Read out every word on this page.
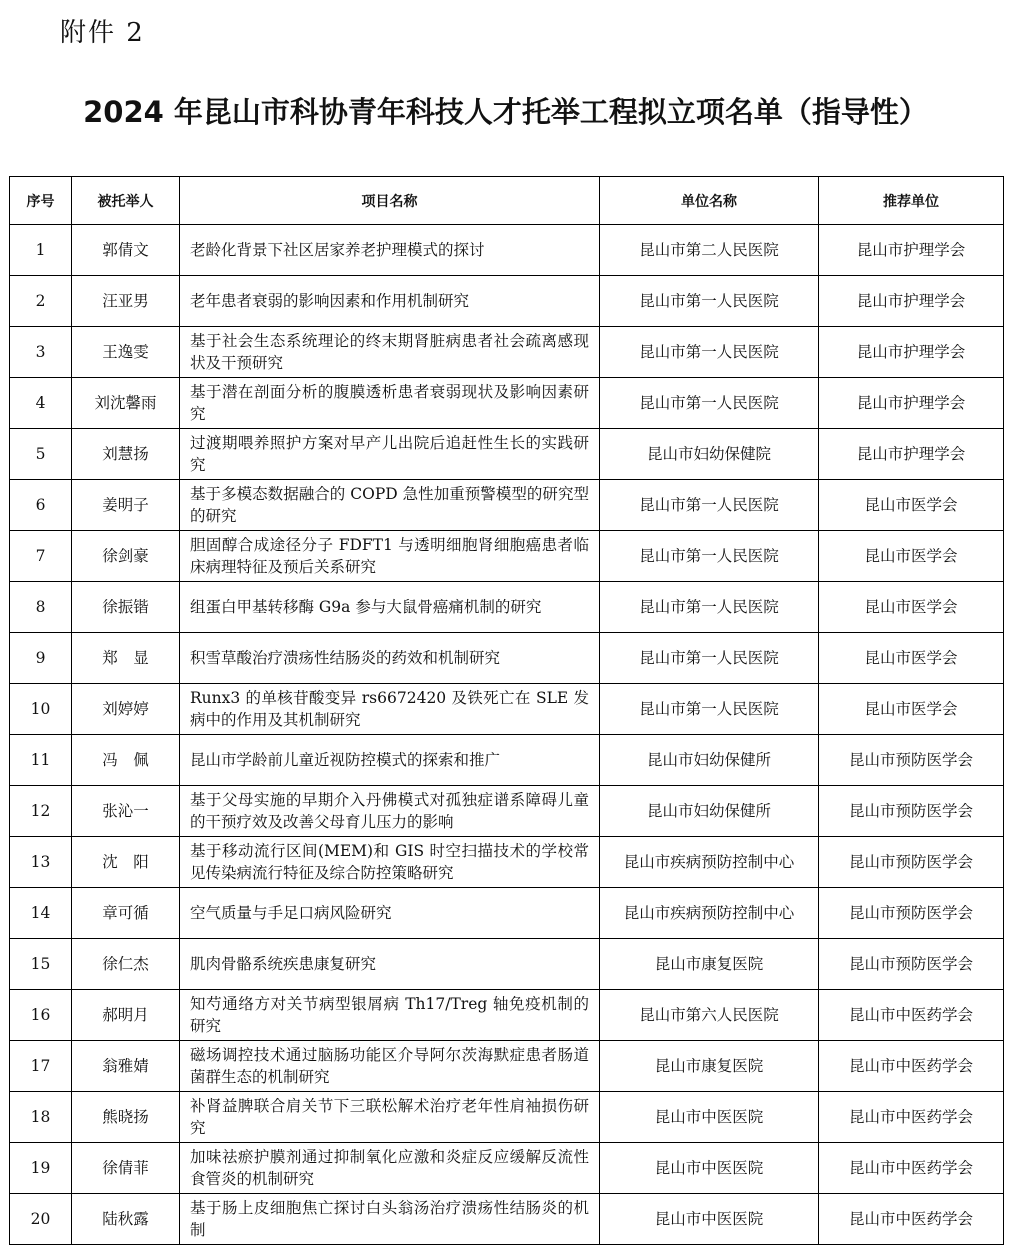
附件 2
2024 年昆山市科协青年科技人才托举工程拟立项名单（指导性）
序号	被托举人	项目名称	单位名称	推荐单位
1	郭倩文	老龄化背景下社区居家养老护理模式的探讨	昆山市第二人民医院	昆山市护理学会
2	汪亚男	老年患者衰弱的影响因素和作用机制研究	昆山市第一人民医院	昆山市护理学会
3	王逸雯	基于社会生态系统理论的终末期肾脏病患者社会疏离感现状及干预研究	昆山市第一人民医院	昆山市护理学会
4	刘沈馨雨	基于潜在剖面分析的腹膜透析患者衰弱现状及影响因素研究	昆山市第一人民医院	昆山市护理学会
5	刘慧扬	过渡期喂养照护方案对早产儿出院后追赶性生长的实践研究	昆山市妇幼保健院	昆山市护理学会
6	姜明子	基于多模态数据融合的 COPD 急性加重预警模型的研究型的研究	昆山市第一人民医院	昆山市医学会
7	徐剑豪	胆固醇合成途径分子 FDFT1 与透明细胞肾细胞癌患者临床病理特征及预后关系研究	昆山市第一人民医院	昆山市医学会
8	徐振锴	组蛋白甲基转移酶 G9a 参与大鼠骨癌痛机制的研究	昆山市第一人民医院	昆山市医学会
9	郑　显	积雪草酸治疗溃疡性结肠炎的药效和机制研究	昆山市第一人民医院	昆山市医学会
10	刘婷婷	Runx3 的单核苷酸变异 rs6672420 及铁死亡在 SLE 发病中的作用及其机制研究	昆山市第一人民医院	昆山市医学会
11	冯　佩	昆山市学龄前儿童近视防控模式的探索和推广	昆山市妇幼保健所	昆山市预防医学会
12	张沁一	基于父母实施的早期介入丹佛模式对孤独症谱系障碍儿童的干预疗效及改善父母育儿压力的影响	昆山市妇幼保健所	昆山市预防医学会
13	沈　阳	基于移动流行区间(MEM)和 GIS 时空扫描技术的学校常见传染病流行特征及综合防控策略研究	昆山市疾病预防控制中心	昆山市预防医学会
14	章可循	空气质量与手足口病风险研究	昆山市疾病预防控制中心	昆山市预防医学会
15	徐仁杰	肌肉骨骼系统疾患康复研究	昆山市康复医院	昆山市预防医学会
16	郝明月	知芍通络方对关节病型银屑病 Th17/Treg 轴免疫机制的研究	昆山市第六人民医院	昆山市中医药学会
17	翁雅婧	磁场调控技术通过脑肠功能区介导阿尔茨海默症患者肠道菌群生态的机制研究	昆山市康复医院	昆山市中医药学会
18	熊晓扬	补肾益脾联合肩关节下三联松解术治疗老年性肩袖损伤研究	昆山市中医医院	昆山市中医药学会
19	徐倩菲	加味祛瘀护膜剂通过抑制氧化应激和炎症反应缓解反流性食管炎的机制研究	昆山市中医医院	昆山市中医药学会
20	陆秋露	基于肠上皮细胞焦亡探讨白头翁汤治疗溃疡性结肠炎的机制	昆山市中医医院	昆山市中医药学会
